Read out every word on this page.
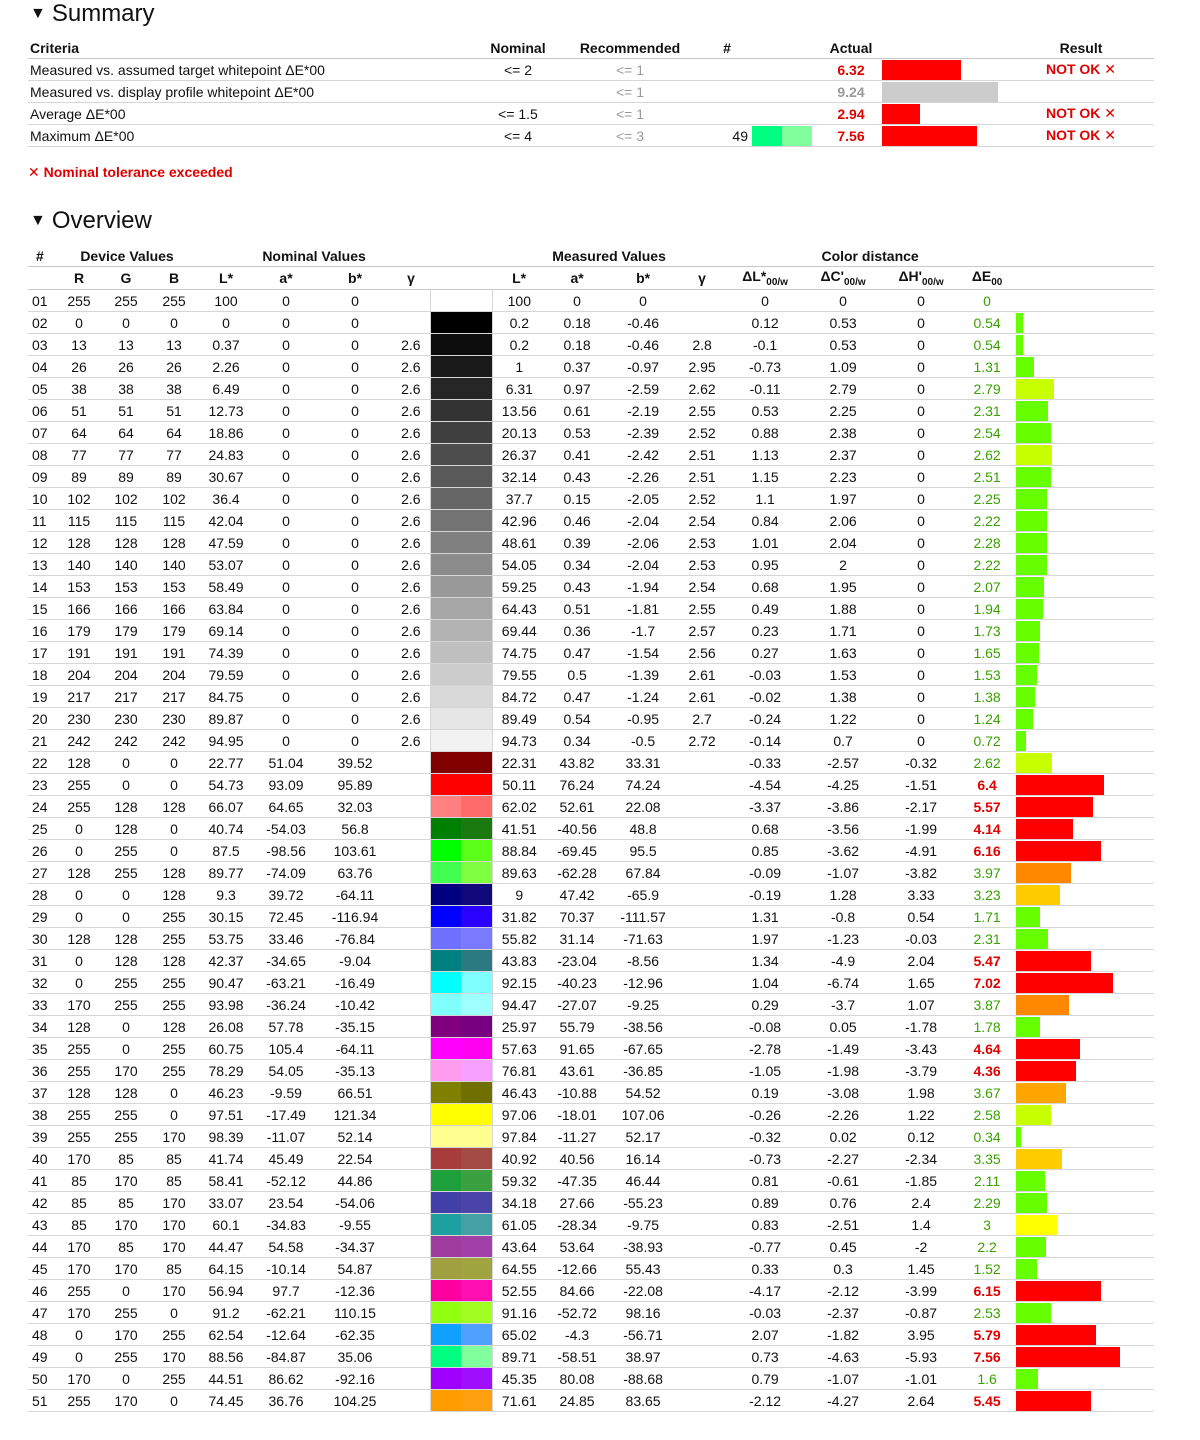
▼ Summary
Criteria	Nominal	Recommended	#		Actual		Result
Measured vs. assumed target whitepoint ΔE*00	<= 2	<= 1			6.32		NOT OK ✕
Measured vs. display profile whitepoint ΔE*00		<= 1			9.24	

Average ΔE*00	<= 1.5	<= 1			2.94		NOT OK ✕
Maximum ΔE*00	<= 4	<= 3	49		7.56		NOT OK ✕
✕ Nominal tolerance exceeded
▼ Overview
#	Device Values			Nominal Values					Measured Values				Color distance				
	R	G	B	L*	a*	b*	γ		L*	a*	b*	γ	$\Delta L*_{00/w}$	$\Delta C'_{00/w}$	$\Delta H'_{00/w}$	$\Delta E_{00}$	
01	255	255	255	100	0	0			100	0	0		0	0	0	0	

02	0	0	0	0	0	0			0.2	0.18	-0.46		0.12	0.53	0	0.54	

03	13	13	13	0.37	0	0	2.6		0.2	0.18	-0.46	2.8	-0.1	0.53	0	0.54	

04	26	26	26	2.26	0	0	2.6		1	0.37	-0.97	2.95	-0.73	1.09	0	1.31	

05	38	38	38	6.49	0	0	2.6		6.31	0.97	-2.59	2.62	-0.11	2.79	0	2.79	

06	51	51	51	12.73	0	0	2.6		13.56	0.61	-2.19	2.55	0.53	2.25	0	2.31	

07	64	64	64	18.86	0	0	2.6		20.13	0.53	-2.39	2.52	0.88	2.38	0	2.54	

08	77	77	77	24.83	0	0	2.6		26.37	0.41	-2.42	2.51	1.13	2.37	0	2.62	

09	89	89	89	30.67	0	0	2.6		32.14	0.43	-2.26	2.51	1.15	2.23	0	2.51	

10	102	102	102	36.4	0	0	2.6		37.7	0.15	-2.05	2.52	1.1	1.97	0	2.25	

11	115	115	115	42.04	0	0	2.6		42.96	0.46	-2.04	2.54	0.84	2.06	0	2.22	

12	128	128	128	47.59	0	0	2.6		48.61	0.39	-2.06	2.53	1.01	2.04	0	2.28	

13	140	140	140	53.07	0	0	2.6		54.05	0.34	-2.04	2.53	0.95	2	0	2.22	

14	153	153	153	58.49	0	0	2.6		59.25	0.43	-1.94	2.54	0.68	1.95	0	2.07	

15	166	166	166	63.84	0	0	2.6		64.43	0.51	-1.81	2.55	0.49	1.88	0	1.94	

16	179	179	179	69.14	0	0	2.6		69.44	0.36	-1.7	2.57	0.23	1.71	0	1.73	

17	191	191	191	74.39	0	0	2.6		74.75	0.47	-1.54	2.56	0.27	1.63	0	1.65	

18	204	204	204	79.59	0	0	2.6		79.55	0.5	-1.39	2.61	-0.03	1.53	0	1.53	

19	217	217	217	84.75	0	0	2.6		84.72	0.47	-1.24	2.61	-0.02	1.38	0	1.38	

20	230	230	230	89.87	0	0	2.6		89.49	0.54	-0.95	2.7	-0.24	1.22	0	1.24	

21	242	242	242	94.95	0	0	2.6		94.73	0.34	-0.5	2.72	-0.14	0.7	0	0.72	

22	128	0	0	22.77	51.04	39.52			22.31	43.82	33.31		-0.33	-2.57	-0.32	2.62	

23	255	0	0	54.73	93.09	95.89			50.11	76.24	74.24		-4.54	-4.25	-1.51	6.4	

24	255	128	128	66.07	64.65	32.03			62.02	52.61	22.08		-3.37	-3.86	-2.17	5.57	

25	0	128	0	40.74	-54.03	56.8			41.51	-40.56	48.8		0.68	-3.56	-1.99	4.14	

26	0	255	0	87.5	-98.56	103.61			88.84	-69.45	95.5		0.85	-3.62	-4.91	6.16	

27	128	255	128	89.77	-74.09	63.76			89.63	-62.28	67.84		-0.09	-1.07	-3.82	3.97	

28	0	0	128	9.3	39.72	-64.11			9	47.42	-65.9		-0.19	1.28	3.33	3.23	

29	0	0	255	30.15	72.45	-116.94			31.82	70.37	-111.57		1.31	-0.8	0.54	1.71	

30	128	128	255	53.75	33.46	-76.84			55.82	31.14	-71.63		1.97	-1.23	-0.03	2.31	

31	0	128	128	42.37	-34.65	-9.04			43.83	-23.04	-8.56		1.34	-4.9	2.04	5.47	

32	0	255	255	90.47	-63.21	-16.49			92.15	-40.23	-12.96		1.04	-6.74	1.65	7.02	

33	170	255	255	93.98	-36.24	-10.42			94.47	-27.07	-9.25		0.29	-3.7	1.07	3.87	

34	128	0	128	26.08	57.78	-35.15			25.97	55.79	-38.56		-0.08	0.05	-1.78	1.78	

35	255	0	255	60.75	105.4	-64.11			57.63	91.65	-67.65		-2.78	-1.49	-3.43	4.64	

36	255	170	255	78.29	54.05	-35.13			76.81	43.61	-36.85		-1.05	-1.98	-3.79	4.36	

37	128	128	0	46.23	-9.59	66.51			46.43	-10.88	54.52		0.19	-3.08	1.98	3.67	

38	255	255	0	97.51	-17.49	121.34			97.06	-18.01	107.06		-0.26	-2.26	1.22	2.58	

39	255	255	170	98.39	-11.07	52.14			97.84	-11.27	52.17		-0.32	0.02	0.12	0.34	

40	170	85	85	41.74	45.49	22.54			40.92	40.56	16.14		-0.73	-2.27	-2.34	3.35	

41	85	170	85	58.41	-52.12	44.86			59.32	-47.35	46.44		0.81	-0.61	-1.85	2.11	

42	85	85	170	33.07	23.54	-54.06			34.18	27.66	-55.23		0.89	0.76	2.4	2.29	

43	85	170	170	60.1	-34.83	-9.55			61.05	-28.34	-9.75		0.83	-2.51	1.4	3	

44	170	85	170	44.47	54.58	-34.37			43.64	53.64	-38.93		-0.77	0.45	-2	2.2	

45	170	170	85	64.15	-10.14	54.87			64.55	-12.66	55.43		0.33	0.3	1.45	1.52	

46	255	0	170	56.94	97.7	-12.36			52.55	84.66	-22.08		-4.17	-2.12	-3.99	6.15	

47	170	255	0	91.2	-62.21	110.15			91.16	-52.72	98.16		-0.03	-2.37	-0.87	2.53	

48	0	170	255	62.54	-12.64	-62.35			65.02	-4.3	-56.71		2.07	-1.82	3.95	5.79	

49	0	255	170	88.56	-84.87	35.06			89.71	-58.51	38.97		0.73	-4.63	-5.93	7.56	

50	170	0	255	44.51	86.62	-92.16			45.35	80.08	-88.68		0.79	-1.07	-1.01	1.6	

51	255	170	0	74.45	36.76	104.25			71.61	24.85	83.65		-2.12	-4.27	2.64	5.45	
